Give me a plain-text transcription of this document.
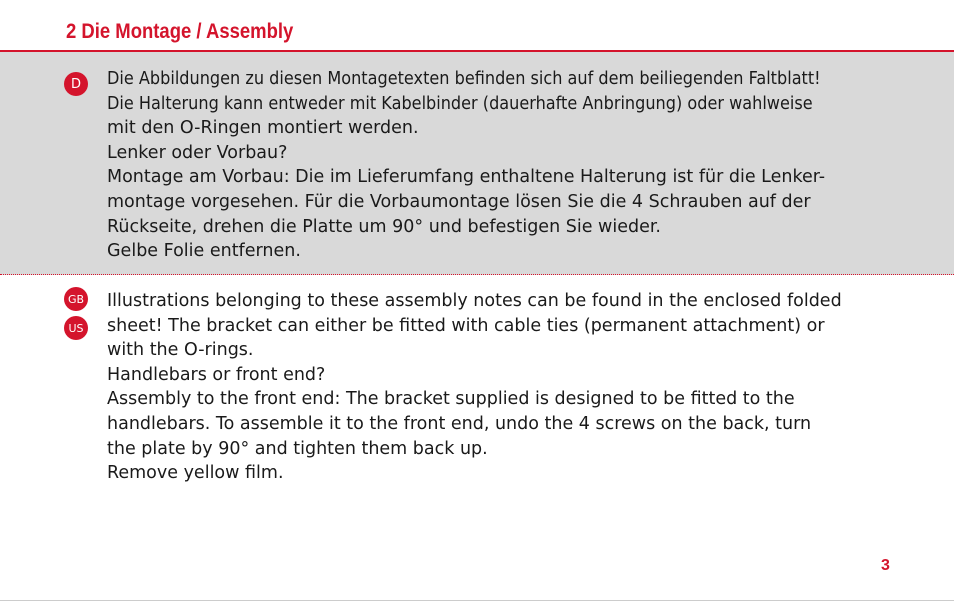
2 Die Montage / Assembly
D	Die Abbildungen zu diesen Montagetexten befinden sich auf dem beiliegenden Faltblatt!
Die Halterung kann entweder mit Kabelbinder (dauerhafte Anbringung) oder wahlweise
mit den O-Ringen montiert werden.
Lenker oder Vorbau?
Montage am Vorbau: Die im Lieferumfang enthaltene Halterung ist für die Lenker-
montage vorgesehen. Für die Vorbaumontage lösen Sie die 4 Schrauben auf der
Rückseite, drehen die Platte um 90° und befestigen Sie wieder.
Gelbe Folie entfernen.
GB
US
Illustrations belonging to these assembly notes can be found in the enclosed folded
sheet! The bracket can either be fitted with cable ties (permanent attachment) or
with the O-rings.
Handlebars or front end?
Assembly to the front end: The bracket supplied is designed to be fitted to the
handlebars. To assemble it to the front end, undo the 4 screws on the back, turn
the plate by 90° and tighten them back up.
Remove yellow film.
3
